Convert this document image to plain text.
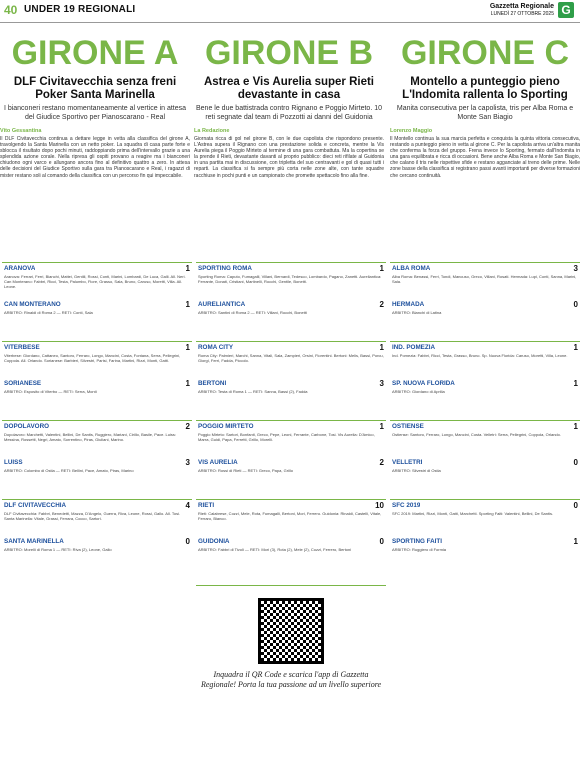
40 UNDER 19 REGIONALI	Gazzetta Regionale
LUNEDÌ 27 OTTOBRE 2025 G
GIRONE A
DLF Civitavecchia senza freni Poker Santa Marinella
I bianconeri restano momentaneamente al vertice in attesa del Giudice Sportivo per Pianoscarano - Real
Vito Gessantina
Il DLF Civitavecchia continua a dettare legge in vetta alla classifica del girone A, travolgendo la Santa Marinella con un netto poker. La squadra di casa parte forte e sblocca il risultato dopo pochi minuti, raddoppiando prima dell'intervallo grazie a una splendida azione corale. Nella ripresa gli ospiti provano a reagire ma i bianconeri chiudono ogni varco e allungano ancora fino al definitivo quattro a zero. In attesa delle decisioni del Giudice Sportivo sulla gara tra Pianoscarano e Real, i ragazzi di mister restano soli al comando della classifica con un percorso fin qui impeccabile.
GIRONE B
Astrea e Vis Aurelia super Rieti devastante in casa
Bene le due battistrada contro Rignano e Poggio Mirteto. 10 reti segnate dal team di Pozzotti ai danni del Guidonia
La Redazione
Giornata ricca di gol nel girone B, con le due capolista che rispondono presente. L'Astrea supera il Rignano con una prestazione solida e concreta, mentre la Vis Aurelia piega il Poggio Mirteto al termine di una gara combattuta. Ma la copertina se la prende il Rieti, devastante davanti al proprio pubblico: dieci reti rifilate al Guidonia in una partita mai in discussione, con tripletta del suo centravanti e gol di quasi tutti i reparti. La classifica si fa sempre più corta nelle zone alte, con tante squadre racchiuse in pochi punti e un campionato che promette spettacolo fino alla fine.
GIRONE C
Montello a punteggio pieno L'Indomita rallenta lo Sporting
Manita consecutiva per la capolista, tris per Alba Roma e Monte San Biagio
Lorenzo Maggio
Il Montello continua la sua marcia perfetta e conquista la quinta vittoria consecutiva, restando a punteggio pieno in vetta al girone C. Per la capolista arriva un'altra manita che conferma la forza del gruppo. Frena invece lo Sporting, fermato dall'Indomita in una gara equilibrata e ricca di occasioni. Bene anche Alba Roma e Monte San Biagio, che calano il tris nelle rispettive sfide e restano agganciate al treno delle prime. Nelle zone basse della classifica si registrano passi avanti importanti per diverse formazioni che cercano continuità.
ARANOVA	1
Aranova: Ferrari, Ferri, Bianchi, Mattei, Gentili, Rossi, Conti, Marini, Lombardi, De Luca, Galli. All. Neri. Can Monterano: Fabbri, Ricci, Testa, Palumbo, Fiore, Grasso, Sala, Bruno, Caruso, Moretti, Villa. All. Leone.
CAN MONTERANO	1
ARBITRO: Rinaldi di Roma 2 — RETI: Conti, Sala
VITERBESE	1
Viterbese: Giordano, Cattaneo, Santoro, Ferraro, Longo, Mancini, Costa, Fontana, Serra, Pellegrini, Coppola. All. Orlando. Sorianese: Barbieri, Silvestri, Parisi, Farina, Martini, Rizzi, Monti, Gatti.
SORIANESE	1
ARBITRO: Esposito di Viterbo — RETI: Serra, Monti
DOPOLAVORO	2
Dopolavoro: Marchetti, Valentini, Bellini, De Santis, Ruggiero, Mariani, Cirillo, Basile, Pace. Luiss: Messina, Rossetti, Negri, Amato, Sorrentino, Piras, Giuliani, Marino.
LUISS	3
ARBITRO: Colombo di Ostia — RETI: Bellini, Pace, Amato, Piras, Marino
DLF CIVITAVECCHIA	4
DLF Civitavecchia: Fabbri, Benedetti, Mazza, D'Angelo, Guerra, Riva, Leone, Rossi, Gallo. All. Tosi. Santa Marinella: Vitale, Grassi, Ferrara, Cocco, Sartori.
SANTA MARINELLA	0
ARBITRO: Morelli di Roma 1 — RETI: Riva (2), Leone, Gallo
SPORTING ROMA	1
Sporting Roma: Caputo, Fumagalli, Villani, Bernardi, Tedesco, Lombardo, Pagano, Zanetti. Aureliantica: Ferrante, Donati, Cristiani, Martinelli, Rocchi, Gentile, Bonetti.
AURELIANTICA	2
ARBITRO: Santini di Roma 2 — RETI: Villani, Rocchi, Bonetti
ROMA CITY	1
Roma City: Palmieri, Marchi, Sanna, Vitali, Sala, Zampieri, Orsini, Fiorentini. Bertoni: Melis, Bassi, Porcu, Giorgi, Ferri, Fadda, Piccolo.
BERTONI	3
ARBITRO: Testa di Roma 1 — RETI: Sanna, Bassi (2), Fadda
POGGIO MIRTETO	1
Poggio Mirteto: Sartori, Bonfanti, Greco, Pepe, Leoni, Ferrante, Carbone, Tosi. Vis Aurelia: D'Amico, Marra, Guidi, Papa, Ferretti, Grillo, Morelli.
VIS AURELIA	2
ARBITRO: Rossi di Rieti — RETI: Greco, Papa, Grillo
RIETI	10
Rieti: Calabrese, Cozzi, Mele, Rota, Fumagalli, Bertoni, Mori, Ferrero. Guidonia: Rinaldi, Castelli, Vitale, Ferraro, Bianco.
GUIDONIA	0
ARBITRO: Fabbri di Tivoli — RETI: Mori (3), Rota (2), Mele (2), Cozzi, Ferrero, Bertoni
ALBA ROMA	3
Alba Roma: Benassi, Ferri, Tondi, Mancuso, Greco, Villani, Rosati. Hermada: Lupi, Conti, Sanna, Marini, Sala.
HERMADA	0
ARBITRO: Bianchi di Latina
IND. POMEZIA	1
Ind. Pomezia: Fabbri, Ricci, Testa, Grasso, Bruno. Sp. Nuova Florida: Caruso, Moretti, Villa, Leone.
SP. NUOVA FLORIDA	1
ARBITRO: Giordano di Aprilia
OSTIENSE	1
Ostiense: Santoro, Ferraro, Longo, Mancini, Costa. Velletri: Serra, Pellegrini, Coppola, Orlando.
VELLETRI	0
ARBITRO: Silvestri di Ostia
SFC 2019	0
SFC 2019: Martini, Rizzi, Monti, Gatti, Marchetti. Sporting Faiti: Valentini, Bellini, De Santis.
SPORTING FAITI	1
ARBITRO: Ruggiero di Formia
Inquadra il QR Code e scarica l'app di Gazzetta Regionale! Porta la tua passione ad un livello superiore
